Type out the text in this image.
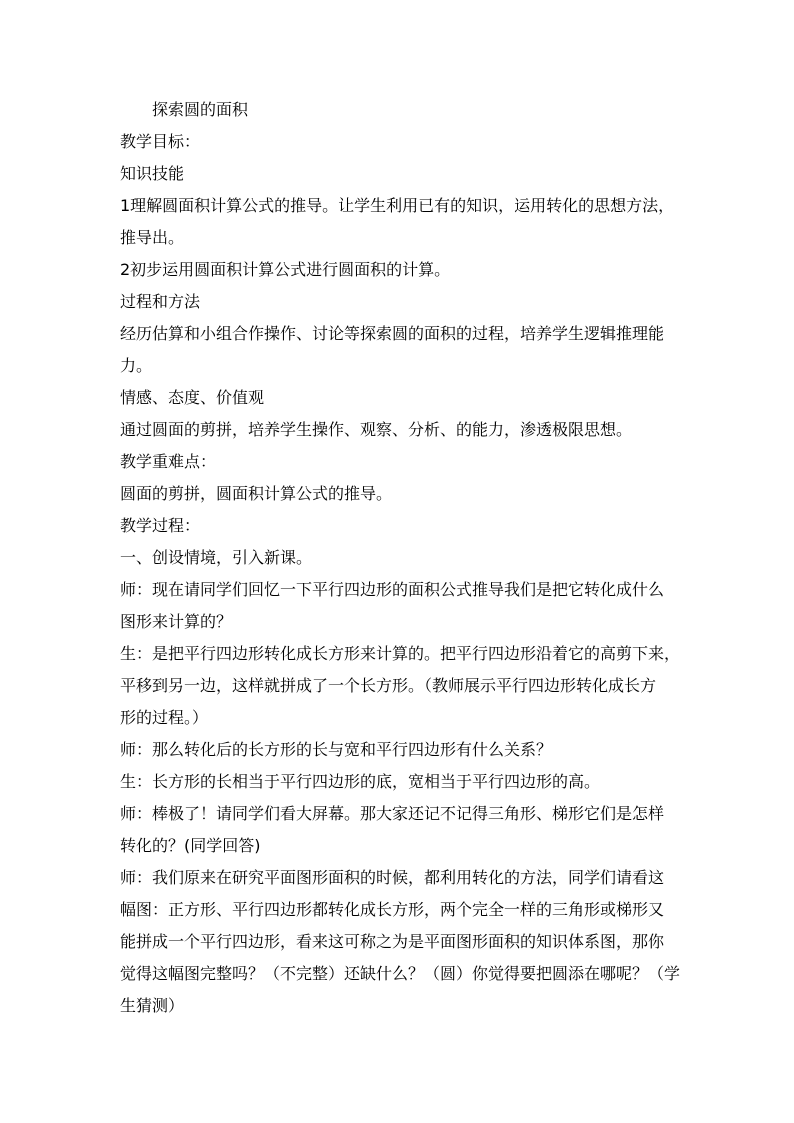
探索圆的面积

教学目标：

知识技能

1理解圆面积计算公式的推导。让学生利用已有的知识，运用转化的思想方法，

推导出。

2初步运用圆面积计算公式进行圆面积的计算。

过程和方法

经历估算和小组合作操作、讨论等探索圆的面积的过程，培养学生逻辑推理能

力。

情感、态度、价值观

通过圆面的剪拼，培养学生操作、观察、分析、的能力，渗透极限思想。

教学重难点：

圆面的剪拼，圆面积计算公式的推导。

教学过程：

一、创设情境，引入新课。

师：现在请同学们回忆一下平行四边形的面积公式推导我们是把它转化成什么

图形来计算的？

生：是把平行四边形转化成长方形来计算的。把平行四边形沿着它的高剪下来，

平移到另一边，这样就拼成了一个长方形。（教师展示平行四边形转化成长方

形的过程。）

师：那么转化后的长方形的长与宽和平行四边形有什么关系？

生：长方形的长相当于平行四边形的底，宽相当于平行四边形的高。

师：棒极了！请同学们看大屏幕。那大家还记不记得三角形、梯形它们是怎样

转化的？(同学回答)

师：我们原来在研究平面图形面积的时候，都利用转化的方法，同学们请看这

幅图：正方形、平行四边形都转化成长方形，两个完全一样的三角形或梯形又

能拼成一个平行四边形，看来这可称之为是平面图形面积的知识体系图，那你

觉得这幅图完整吗？（不完整）还缺什么？（圆）你觉得要把圆添在哪呢？（学

生猜测）
